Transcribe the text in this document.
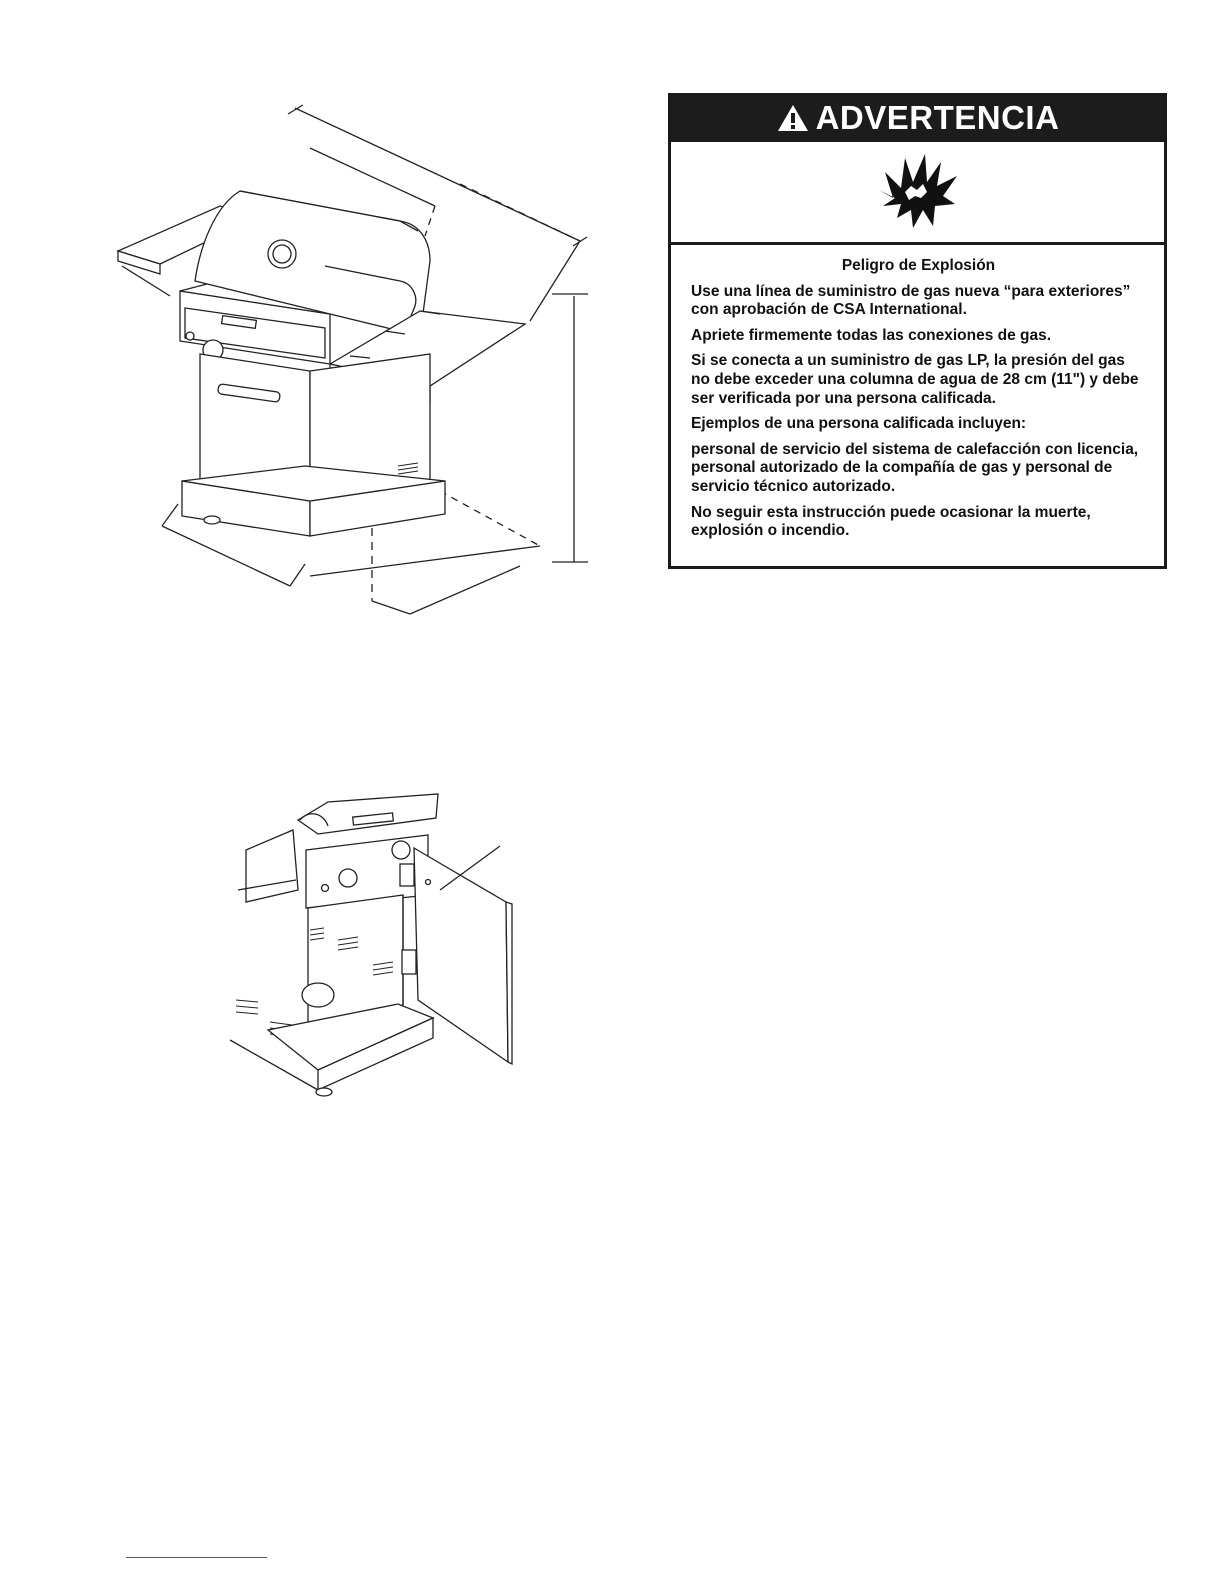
ADVERTENCIA

Peligro de Explosión

Use una línea de suministro de gas nueva “para exteriores” con aprobación de CSA International.

Apriete firmemente todas las conexiones de gas.

Si se conecta a un suministro de gas LP, la presión del gas no debe exceder una columna de agua de 28 cm (11") y debe ser verificada por una persona calificada.

Ejemplos de una persona calificada incluyen:

personal de servicio del sistema de calefacción con licencia, personal autorizado de la compañía de gas y personal de servicio técnico autorizado.

No seguir esta instrucción puede ocasionar la muerte, explosión o incendio.
